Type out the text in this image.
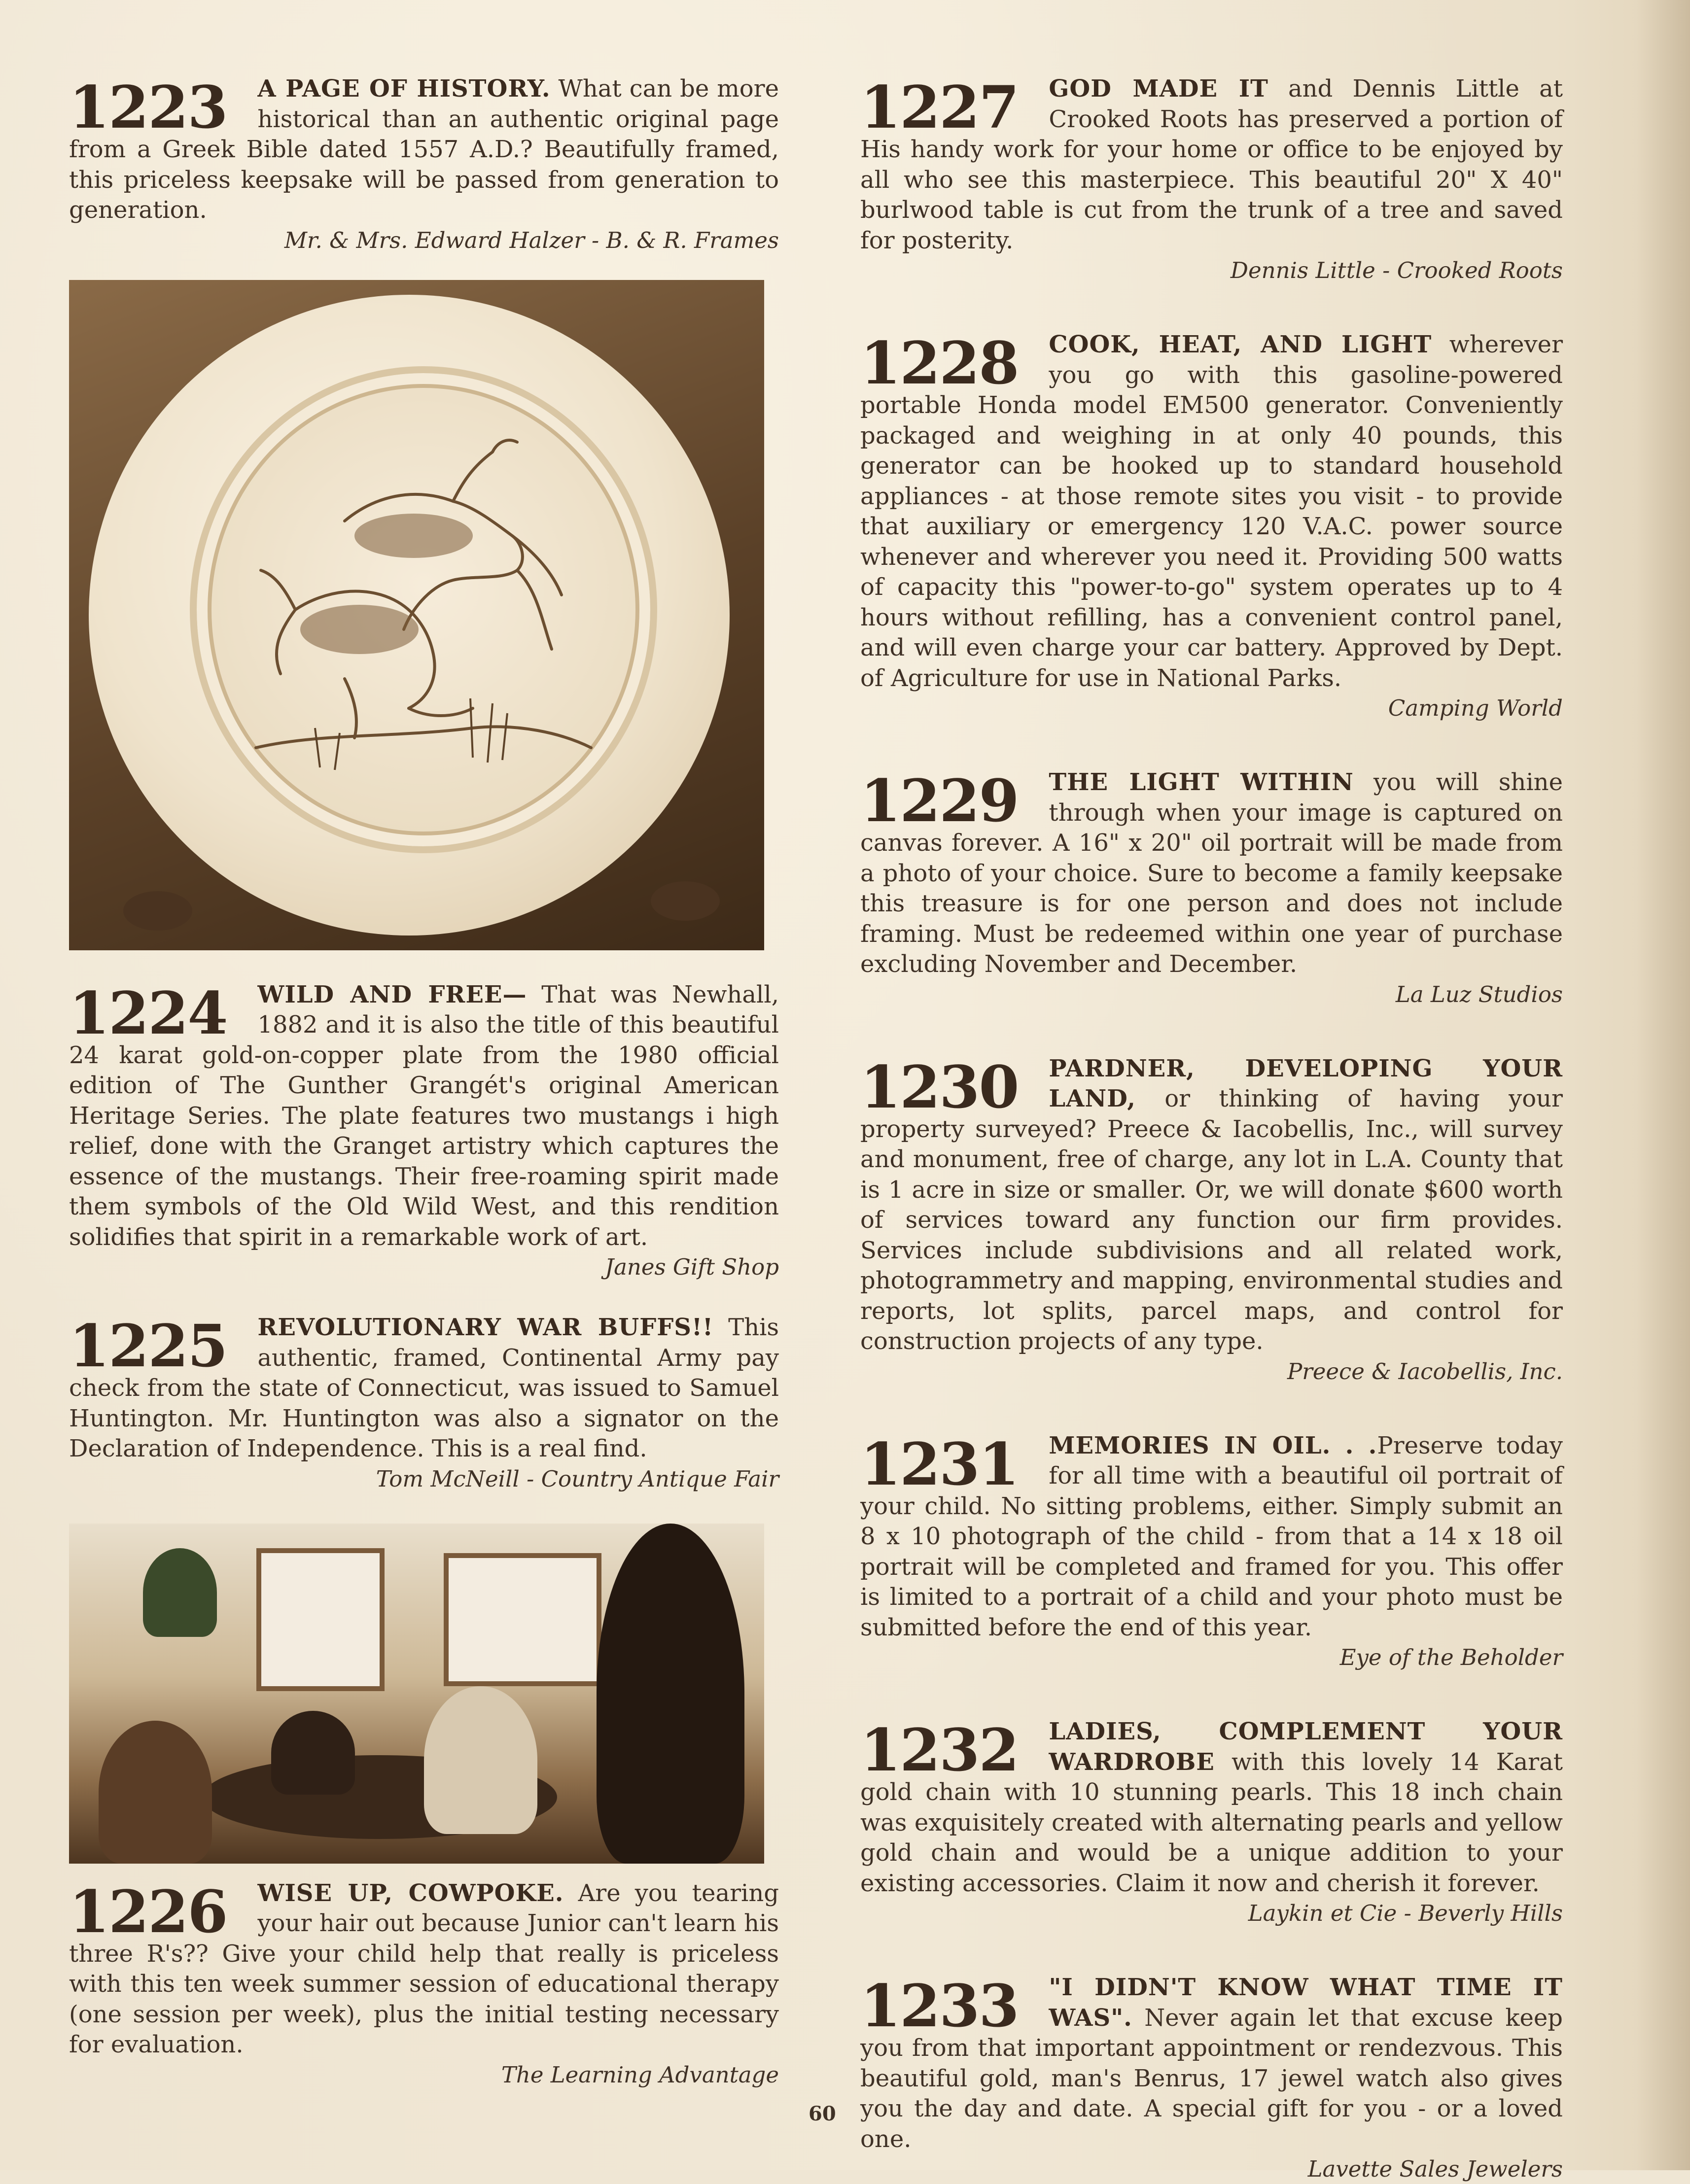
1223 A PAGE OF HISTORY. What can be more historical than an authentic original page from a Greek Bible dated 1557 A.D.? Beautifully framed, this priceless keepsake will be passed from generation to generation.

Mr. & Mrs. Edward Halzer - B. & R. Frames

1224 WILD AND FREE— That was Newhall, 1882 and it is also the title of this beautiful 24 karat gold-on-copper plate from the 1980 official edition of The Gunther Grangét's original American Heritage Series. The plate features two mustangs i high relief, done with the Granget artistry which captures the essence of the mustangs. Their free-roaming spirit made them symbols of the Old Wild West, and this rendition solidifies that spirit in a remarkable work of art.

Janes Gift Shop

1225 REVOLUTIONARY WAR BUFFS!! This authentic, framed, Continental Army pay check from the state of Connecticut, was issued to Samuel Huntington. Mr. Huntington was also a signator on the Declaration of Independence. This is a real find.

Tom McNeill - Country Antique Fair

1226 WISE UP, COWPOKE. Are you tearing your hair out because Junior can't learn his three R's?? Give your child help that really is priceless with this ten week summer session of educational therapy (one session per week), plus the initial testing necessary for evaluation.

The Learning Advantage

1227 GOD MADE IT and Dennis Little at Crooked Roots has preserved a portion of His handy work for your home or office to be enjoyed by all who see this masterpiece. This beautiful 20" X 40" burlwood table is cut from the trunk of a tree and saved for posterity.

Dennis Little - Crooked Roots

1228 COOK, HEAT, AND LIGHT wherever you go with this gasoline-powered portable Honda model EM500 generator. Conveniently packaged and weighing in at only 40 pounds, this generator can be hooked up to standard household appliances - at those remote sites you visit - to provide that auxiliary or emergency 120 V.A.C. power source whenever and wherever you need it. Providing 500 watts of capacity this "power-to-go" system operates up to 4 hours without refilling, has a convenient control panel, and will even charge your car battery. Approved by Dept. of Agriculture for use in National Parks.

Camping World

1229 THE LIGHT WITHIN you will shine through when your image is captured on canvas forever. A 16" x 20" oil portrait will be made from a photo of your choice. Sure to become a family keepsake this treasure is for one person and does not include framing. Must be redeemed within one year of purchase excluding November and December.

La Luz Studios

1230 PARDNER, DEVELOPING YOUR LAND, or thinking of having your property surveyed? Preece & Iacobellis, Inc., will survey and monument, free of charge, any lot in L.A. County that is 1 acre in size or smaller. Or, we will donate $600 worth of services toward any function our firm provides. Services include subdivisions and all related work, photogrammetry and mapping, environmental studies and reports, lot splits, parcel maps, and control for construction projects of any type.

Preece & Iacobellis, Inc.

1231 MEMORIES IN OIL. . .Preserve today for all time with a beautiful oil portrait of your child. No sitting problems, either. Simply submit an 8 x 10 photograph of the child - from that a 14 x 18 oil portrait will be completed and framed for you. This offer is limited to a portrait of a child and your photo must be submitted before the end of this year.

Eye of the Beholder

1232 LADIES, COMPLEMENT YOUR WARDROBE with this lovely 14 Karat gold chain with 10 stunning pearls. This 18 inch chain was exquisitely created with alternating pearls and yellow gold chain and would be a unique addition to your existing accessories. Claim it now and cherish it forever.

Laykin et Cie - Beverly Hills

1233 "I DIDN'T KNOW WHAT TIME IT WAS". Never again let that excuse keep you from that important appointment or rendezvous. This beautiful gold, man's Benrus, 17 jewel watch also gives you the day and date. A special gift for you - or a loved one.

Lavette Sales Jewelers

60
